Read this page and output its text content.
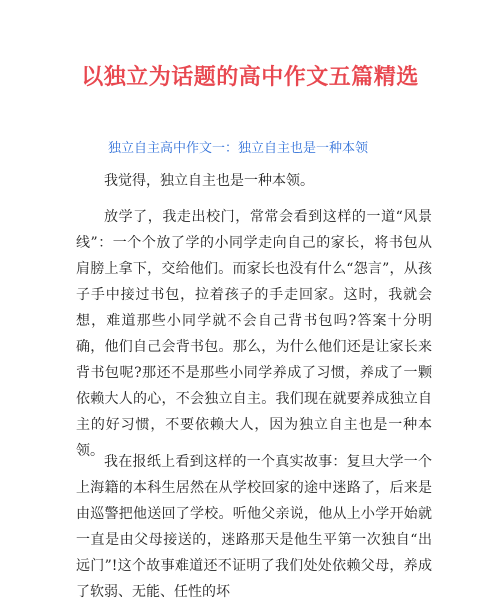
以独立为话题的高中作文五篇精选

独立自主高中作文一：独立自主也是一种本领

我觉得，独立自主也是一种本领。

放学了，我走出校门，常常会看到这样的一道“风景线”：一个个放了学的小同学走向自己的家长，将书包从肩膀上拿下，交给他们。而家长也没有什么“怨言”，从孩子手中接过书包，拉着孩子的手走回家。这时，我就会想，难道那些小同学就不会自己背书包吗?答案十分明确，他们自己会背书包。那么，为什么他们还是让家长来背书包呢?那还不是那些小同学养成了习惯，养成了一颗依赖大人的心，不会独立自主。我们现在就要养成独立自主的好习惯，不要依赖大人，因为独立自主也是一种本领。

我在报纸上看到这样的一个真实故事：复旦大学一个上海籍的本科生居然在从学校回家的途中迷路了，后来是由巡警把他送回了学校。听他父亲说，他从上小学开始就一直是由父母接送的，迷路那天是他生平第一次独自“出远门”!这个故事难道还不证明了我们处处依赖父母，养成了软弱、无能、任性的坏
